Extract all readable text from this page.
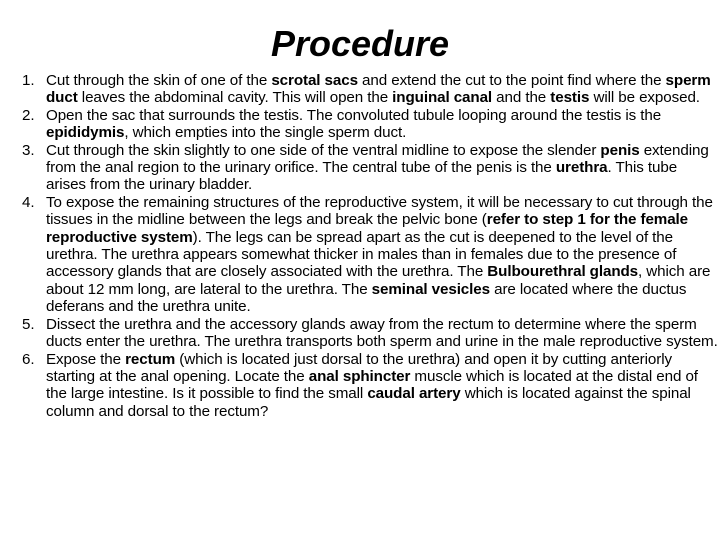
Procedure
1. Cut through the skin of one of the scrotal sacs and extend the cut to the point find where the sperm duct leaves the abdominal cavity. This will open the inguinal canal and the testis will be exposed.
2. Open the sac that surrounds the testis. The convoluted tubule looping around the testis is the epididymis, which empties into the single sperm duct.
3. Cut through the skin slightly to one side of the ventral midline to expose the slender penis extending from the anal region to the urinary orifice. The central tube of the penis is the urethra. This tube arises from the urinary bladder.
4. To expose the remaining structures of the reproductive system, it will be necessary to cut through the tissues in the midline between the legs and break the pelvic bone (refer to step 1 for the female reproductive system). The legs can be spread apart as the cut is deepened to the level of the urethra. The urethra appears somewhat thicker in males than in females due to the presence of accessory glands that are closely associated with the urethra. The Bulbourethral glands, which are about 12 mm long, are lateral to the urethra. The seminal vesicles are located where the ductus deferans and the urethra unite.
5. Dissect the urethra and the accessory glands away from the rectum to determine where the sperm ducts enter the urethra. The urethra transports both sperm and urine in the male reproductive system.
6. Expose the rectum (which is located just dorsal to the urethra) and open it by cutting anteriorly starting at the anal opening. Locate the anal sphincter muscle which is located at the distal end of the large intestine. Is it possible to find the small caudal artery which is located against the spinal column and dorsal to the rectum?
